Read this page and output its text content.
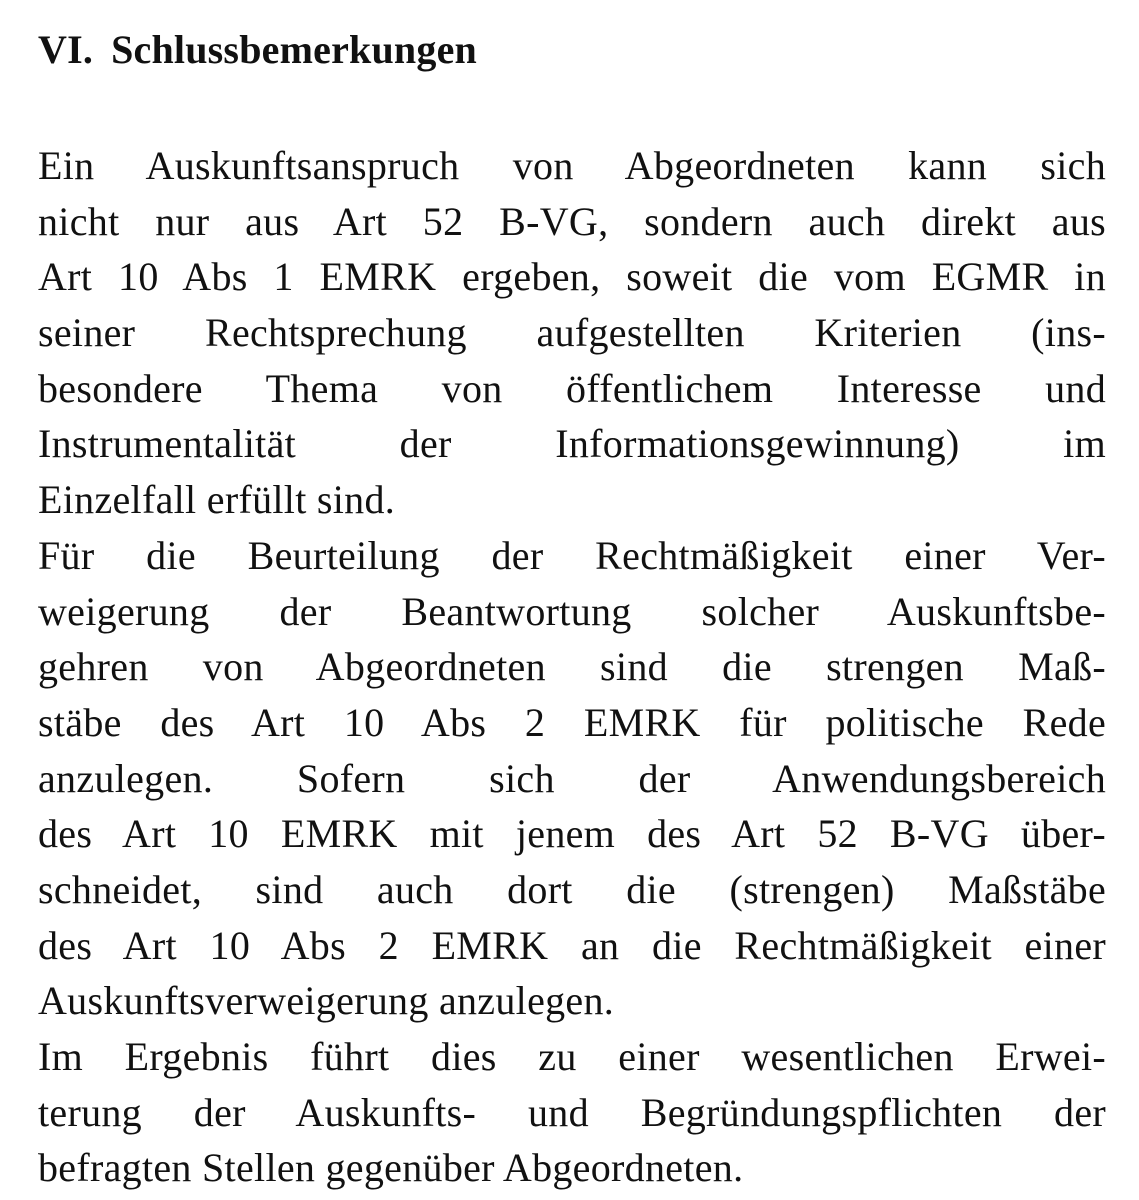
VI. Schlussbemerkungen
Ein Auskunftsanspruch von Abgeordneten kann sich
nicht nur aus Art 52 B-VG, sondern auch direkt aus
Art 10 Abs 1 EMRK ergeben, soweit die vom EGMR in
seiner Rechtsprechung aufgestellten Kriterien (ins-
besondere Thema von öffentlichem Interesse und
Instrumentalität der Informationsgewinnung) im
Einzelfall erfüllt sind.
Für die Beurteilung der Rechtmäßigkeit einer Ver-
weigerung der Beantwortung solcher Auskunftsbe-
gehren von Abgeordneten sind die strengen Maß-
stäbe des Art 10 Abs 2 EMRK für politische Rede
anzulegen. Sofern sich der Anwendungsbereich
des Art 10 EMRK mit jenem des Art 52 B-VG über-
schneidet, sind auch dort die (strengen) Maßstäbe
des Art 10 Abs 2 EMRK an die Rechtmäßigkeit einer
Auskunftsverweigerung anzulegen.
Im Ergebnis führt dies zu einer wesentlichen Erwei-
terung der Auskunfts- und Begründungspflichten der
befragten Stellen gegenüber Abgeordneten.
